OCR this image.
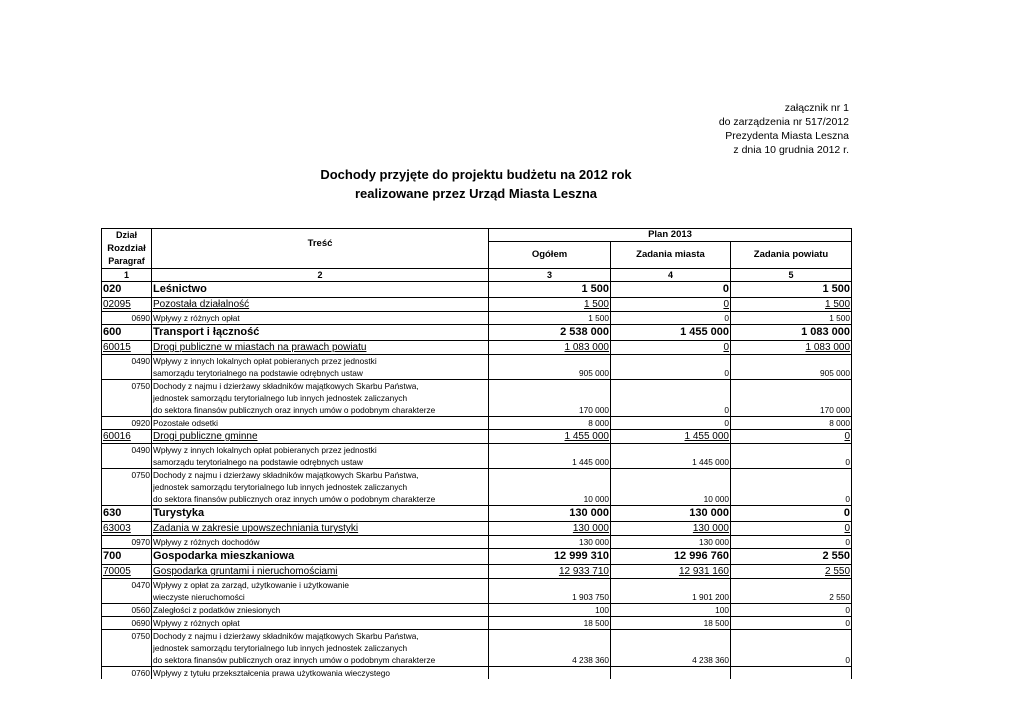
załącznik nr 1
do zarządzenia nr 517/2012
Prezydenta Miasta Leszna
z dnia 10 grudnia 2012 r.
Dochody przyjęte do projektu budżetu na 2012 rok
realizowane przez Urząd Miasta Leszna
Dział
Rozdział
Paragraf	Treść	Plan 2013		
		Ogółem	Zadania miasta	Zadania powiatu

1	2	3	4	5
020	Leśnictwo	1 500	0	1 500
02095	Pozostała działalność	1 500	0	1 500
0690	Wpływy z różnych opłat	1 500	0	1 500
600	Transport i łączność	2 538 000	1 455 000	1 083 000
60015	Drogi publiczne w miastach na prawach powiatu	1 083 000	0	1 083 000
0490	Wpływy z innych lokalnych opłat pobieranych przez jednostki			
	samorządu terytorialnego na podstawie odrębnych ustaw	905 000	0	905 000
0750	Dochody z najmu i dzierżawy składników majątkowych Skarbu Państwa,			
	jednostek samorządu terytorialnego lub innych jednostek zaliczanych			
	do sektora finansów publicznych oraz innych umów o podobnym charakterze	170 000	0	170 000
0920	Pozostałe odsetki	8 000	0	8 000
60016	Drogi publiczne gminne	1 455 000	1 455 000	0
0490	Wpływy z innych lokalnych opłat pobieranych przez jednostki			
	samorządu terytorialnego na podstawie odrębnych ustaw	1 445 000	1 445 000	0
0750	Dochody z najmu i dzierżawy składników majątkowych Skarbu Państwa,			
	jednostek samorządu terytorialnego lub innych jednostek zaliczanych			
	do sektora finansów publicznych oraz innych umów o podobnym charakterze	10 000	10 000	0
630	Turystyka	130 000	130 000	0
63003	Zadania w zakresie upowszechniania turystyki	130 000	130 000	0
0970	Wpływy z różnych dochodów	130 000	130 000	0
700	Gospodarka mieszkaniowa	12 999 310	12 996 760	2 550
70005	Gospodarka gruntami i nieruchomościami	12 933 710	12 931 160	2 550
0470	Wpływy z opłat za zarząd, użytkowanie i użytkowanie			
	wieczyste nieruchomości	1 903 750	1 901 200	2 550
0560	Zaległości z podatków zniesionych	100	100	0
0690	Wpływy z różnych opłat	18 500	18 500	0
0750	Dochody z najmu i dzierżawy składników majątkowych Skarbu Państwa,			
	jednostek samorządu terytorialnego lub innych jednostek zaliczanych			
	do sektora finansów publicznych oraz innych umów o podobnym charakterze	4 238 360	4 238 360	0
0760	Wpływy z tytułu przekształcenia prawa użytkowania wieczystego			
